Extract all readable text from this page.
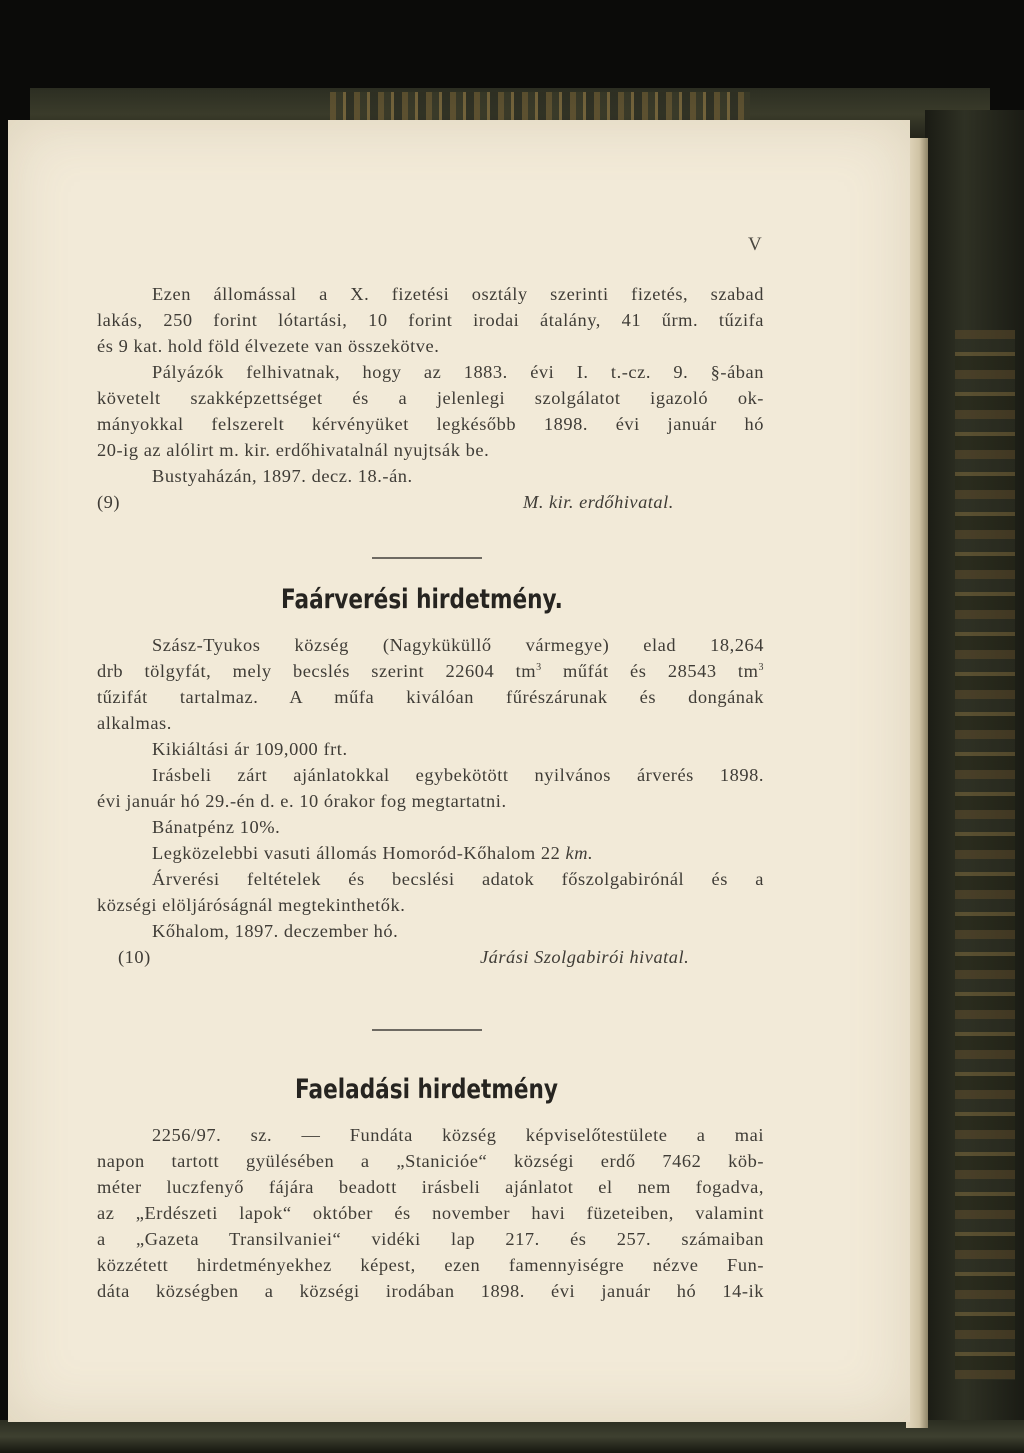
V

Ezen állomással a X. fizetési osztály szerinti fizetés, szabad

lakás, 250 forint lótartási, 10 forint irodai átalány, 41 űrm. tűzifa

és 9 kat. hold föld élvezete van összekötve.

Pályázók felhivatnak, hogy az 1883. évi I. t.-cz. 9. §-ában

követelt szakképzettséget és a jelenlegi szolgálatot igazoló ok-

mányokkal felszerelt kérvényüket legkésőbb 1898. évi január hó

20-ig az alólirt m. kir. erdőhivatalnál nyujtsák be.

Bustyaházán, 1897. decz. 18.-án.

(9)	M. kir. erdőhivatal.

Faárverési hirdetmény.

Szász-Tyukos község (Nagyküküllő vármegye) elad 18,264

drb tölgyfát, mely becslés szerint 22604 $tm^3$ műfát és 28543 $tm^3$

tűzifát tartalmaz. A műfa kiválóan fűrészárunak és dongának

alkalmas.

Kikiáltási ár 109,000 frt.

Irásbeli zárt ajánlatokkal egybekötött nyilvános árverés 1898.

évi január hó 29.-én d. e. 10 órakor fog megtartatni.

Bánatpénz 10%.

Legközelebbi vasuti állomás Homoród-Kőhalom 22 km.

Árverési feltételek és becslési adatok főszolgabirónál és a

községi elöljáróságnál megtekinthetők.

Kőhalom, 1897. deczember hó.

(10)	Járási Szolgabirói hivatal.

Faeladási hirdetmény

2256/97. sz. — Fundáta község képviselőtestülete a mai

napon tartott gyülésében a „Stanicióe“ községi erdő 7462 köb-

méter luczfenyő fájára beadott irásbeli ajánlatot el nem fogadva,

az „Erdészeti lapok“ október és november havi füzeteiben, valamint

a „Gazeta Transilvaniei“ vidéki lap 217. és 257. számaiban

közzétett hirdetményekhez képest, ezen famennyiségre nézve Fun-

dáta községben a községi irodában 1898. évi január hó 14-ik
